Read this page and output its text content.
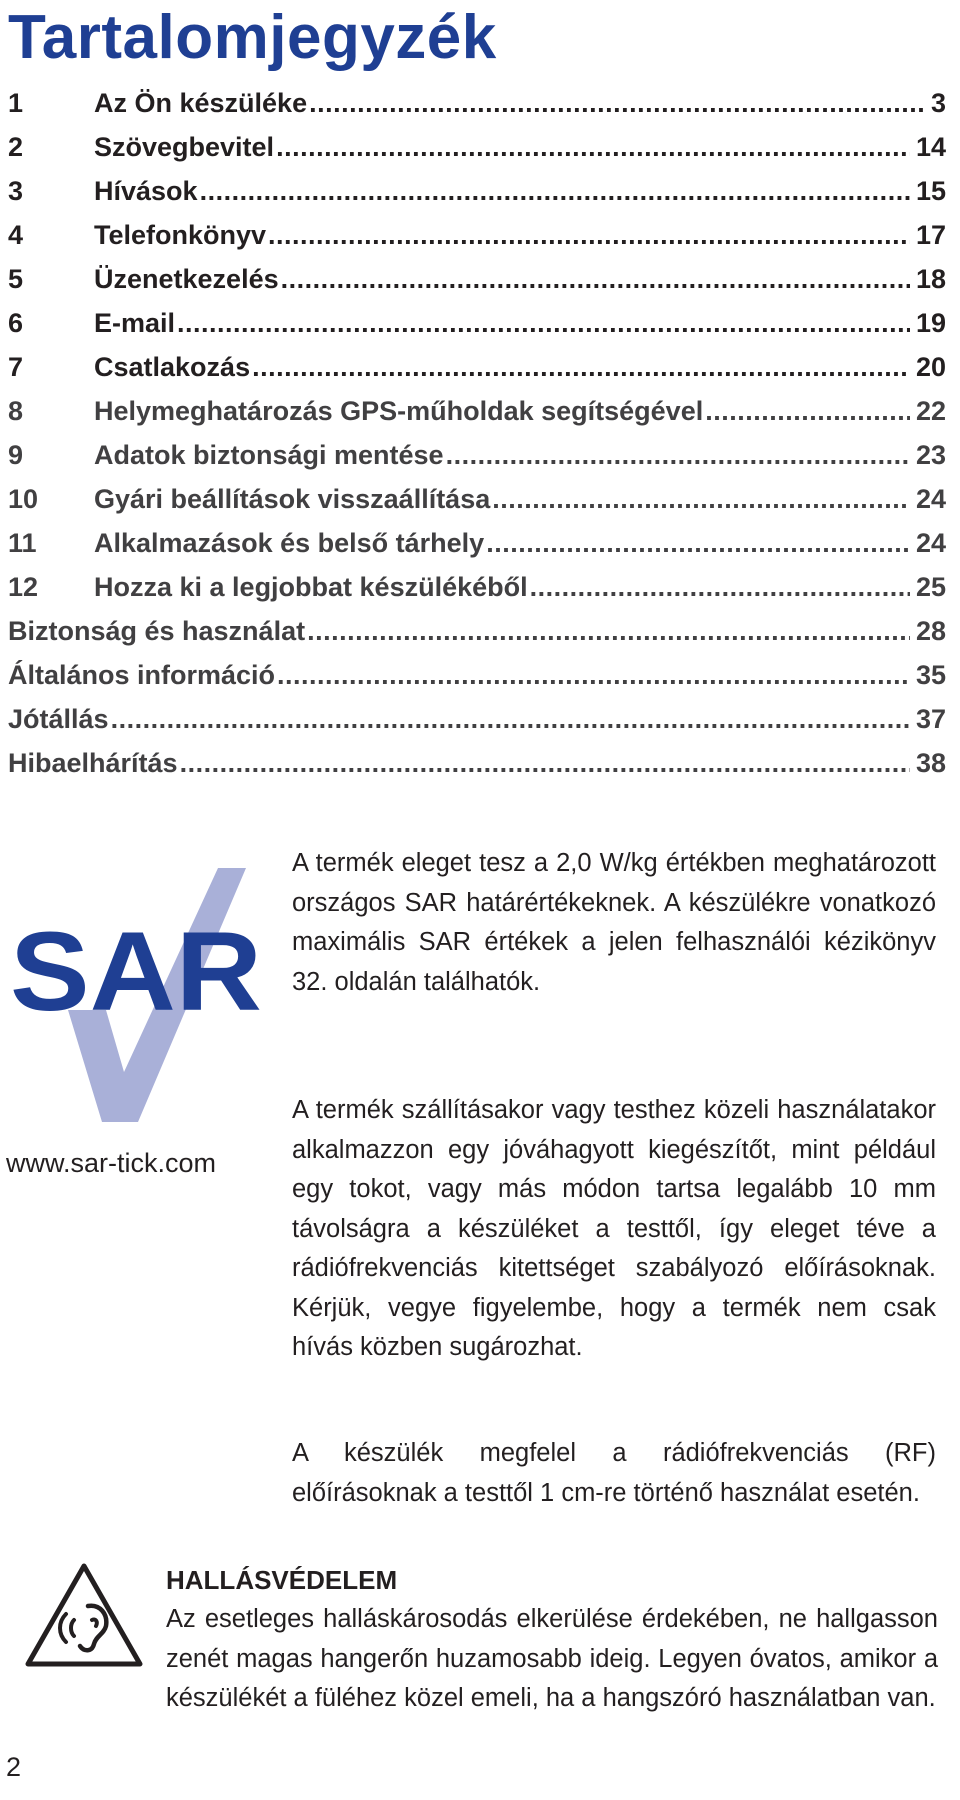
Tartalomjegyzék
1	Az Ön készüléke .....	3
2	Szövegbevitel .....	14
3	Hívások .....	15
4	Telefonkönyv .....	17
5	Üzenetkezelés .....	18
6	E-mail .....	19
7	Csatlakozás .....	20
8	Helymeghatározás GPS-műholdak segítségével .....	22
9	Adatok biztonsági mentése .....	23
10	Gyári beállítások visszaállítása .....	24
11	Alkalmazások és belső tárhely .....	24
12	Hozza ki a legjobbat készülékéből .....	25
Biztonság és használat .....	28
Általános információ .....	35
Jótállás .....	37
Hibaelhárítás .....	38
SAR
www.sar-tick.com

A termék eleget tesz a 2,0 W/kg értékben meghatározott országos SAR határértékeknek. A készülékre vonatkozó maximális SAR értékek a jelen felhasználói kézikönyv 32. oldalán találhatók.

A termék szállításakor vagy testhez közeli használatakor alkalmazzon egy jóváhagyott kiegészítőt, mint például egy tokot, vagy más módon tartsa legalább 10 mm távolságra a készüléket a testtől, így eleget téve a rádiófrekvenciás kitettséget szabályozó előírásoknak. Kérjük, vegye figyelembe, hogy a termék nem csak hívás közben sugározhat.

A készülék megfelel a rádiófrekvenciás (RF) előírásoknak a testtől 1 cm-re történő használat esetén.

HALLÁSVÉDELEM

Az esetleges halláskárosodás elkerülése érdekében, ne hallgasson zenét magas hangerőn huzamosabb ideig. Legyen óvatos, amikor a készülékét a füléhez közel emeli, ha a hangszóró használatban van.

2
